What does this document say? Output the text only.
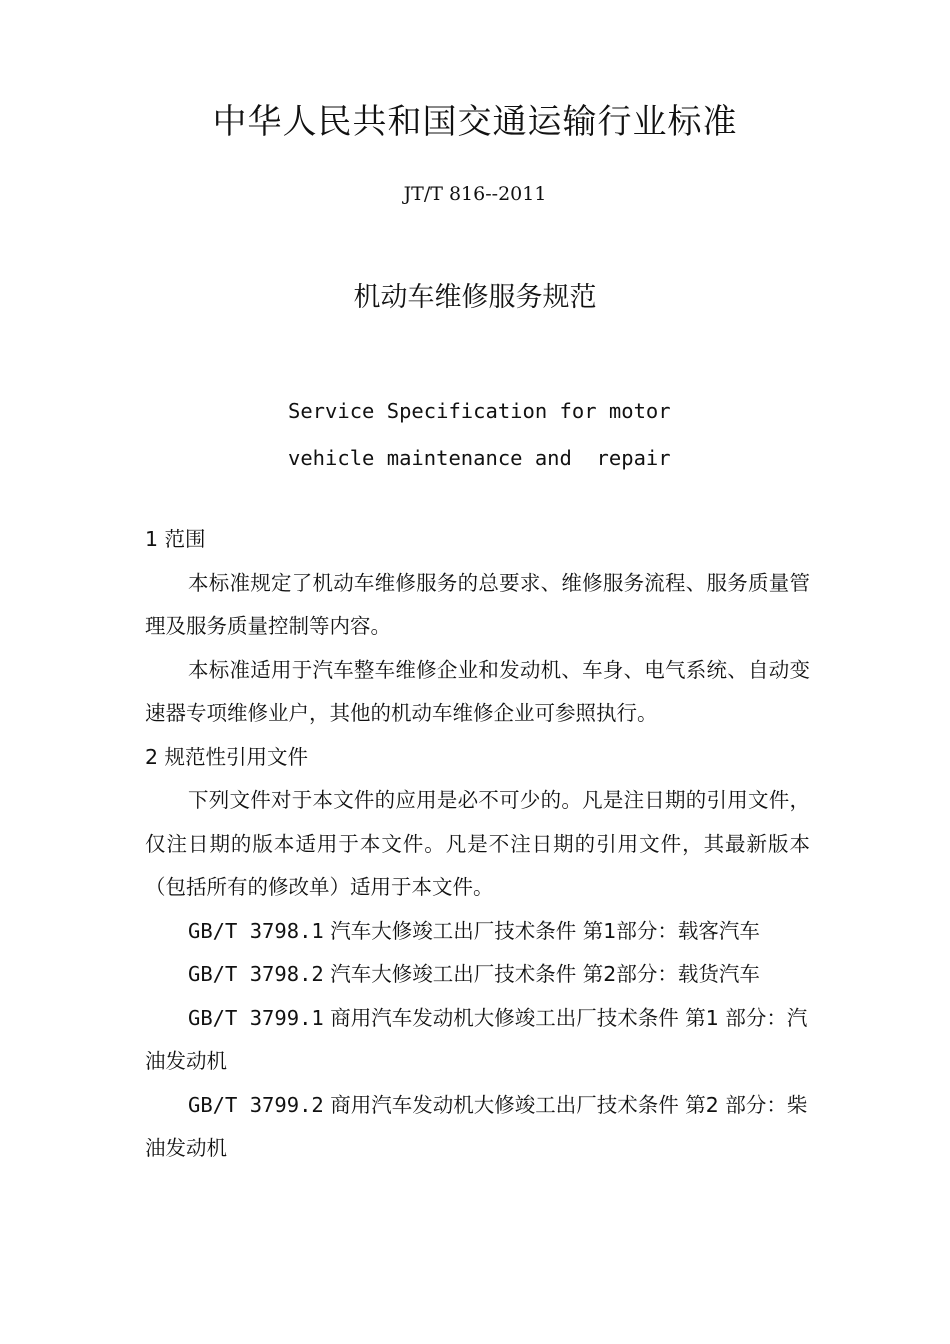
中华人民共和国交通运输行业标准
JT/T 816--2011
机动车维修服务规范
Service Specification for motor
vehicle maintenance and  repair

1 范围

本标准规定了机动车维修服务的总要求、维修服务流程、服务质量管理及服务质量控制等内容。

本标准适用于汽车整车维修企业和发动机、车身、电气系统、自动变速器专项维修业户，其他的机动车维修企业可参照执行。

2 规范性引用文件

下列文件对于本文件的应用是必不可少的。凡是注日期的引用文件，仅注日期的版本适用于本文件。凡是不注日期的引用文件，其最新版本（包括所有的修改单）适用于本文件。

GB/T 3798.1 汽车大修竣工出厂技术条件 第1部分：载客汽车

GB/T 3798.2 汽车大修竣工出厂技术条件 第2部分：载货汽车

GB/T 3799.1 商用汽车发动机大修竣工出厂技术条件 第1 部分：汽油发动机

GB/T 3799.2 商用汽车发动机大修竣工出厂技术条件 第2 部分：柴油发动机
